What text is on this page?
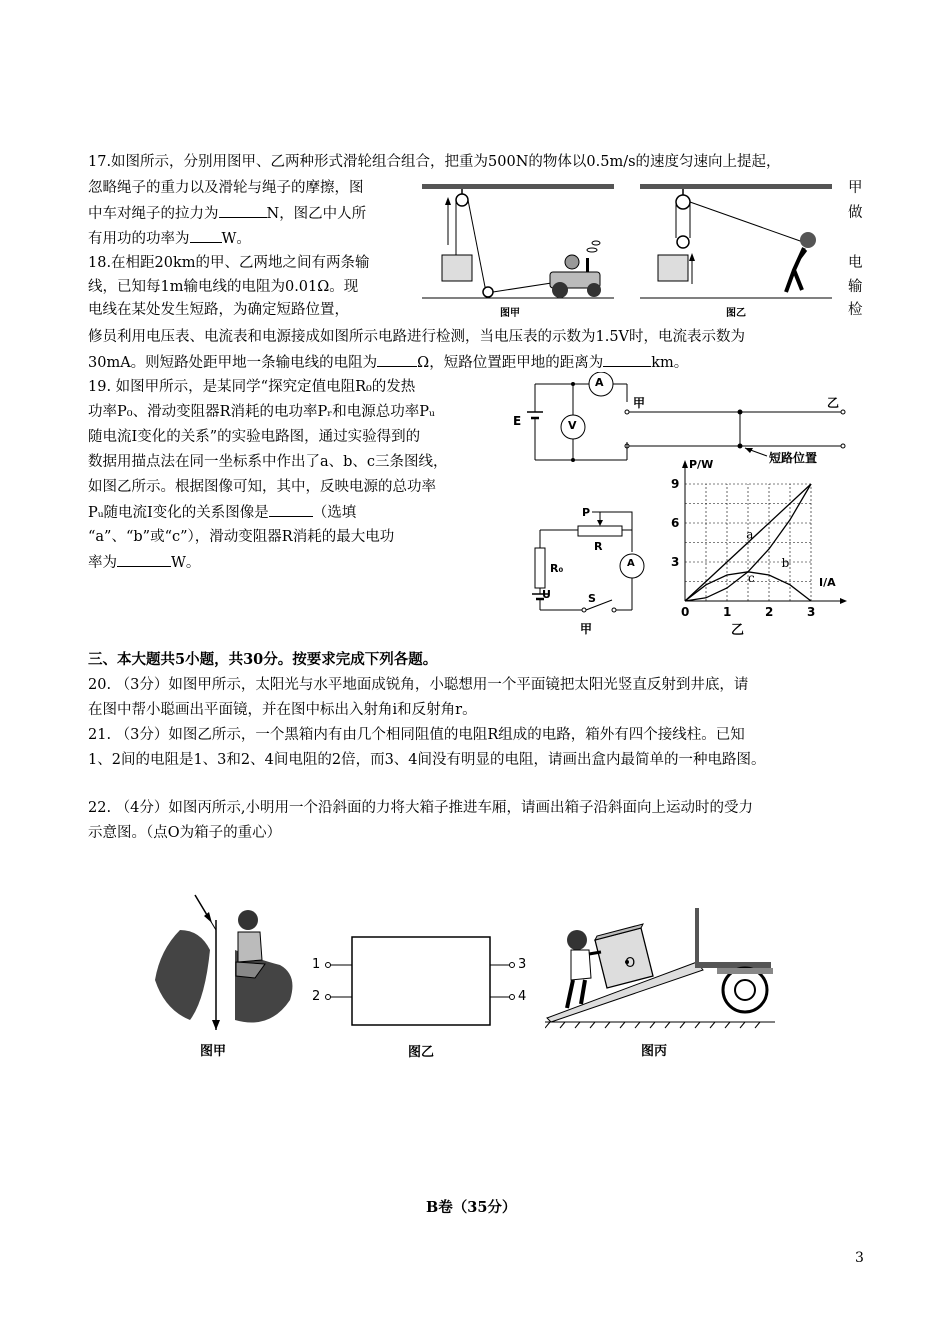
17.如图所示，分别用图甲、乙两种形式滑轮组合组合，把重为500N的物体以0.5m/s的速度匀速向上提起，
忽略绳子的重力以及滑轮与绳子的摩擦，图	甲
中车对绳子的拉力为	N，图乙中人所	做
有用功的功率为 W。
图甲	图乙
18.在相距20km的甲、乙两地之间有两条输	电
线，已知每1m输电线的电阻为0.01Ω。现	输
电线在某处发生短路，为确定短路位置，	检
修员利用电压表、电流表和电源接成如图所示电路进行检测，当电压表的示数为1.5V时，电流表示数为
30mA。则短路处距甲地一条输电线的电阻为	Ω，短路位置距甲地的距离为	km。
A
V
E
甲	乙
短路位置
19. 如图甲所示，是某同学“探究定值电阻R₀的发热
功率P₀、滑动变阻器R消耗的电功率Pᵣ和电源总功率Pᵤ
随电流I变化的关系”的实验电路图，通过实验得到的
数据用描点法在同一坐标系中作出了a、b、c三条图线，
如图乙所示。根据图像可知，其中，反映电源的总功率
Pᵤ随电流I变化的关系图像是	（选填
“a”、“b”或“c”），滑动变阻器R消耗的最大电功
率为	W。
P
R
R₀
U	S
A
甲
a
b
c
P/W
I/A
0	1	2	3
3
6
9
乙
三、本大题共5小题，共30分。按要求完成下列各题。
20. （3分）如图甲所示，太阳光与水平地面成锐角，小聪想用一个平面镜把太阳光竖直反射到井底，请
在图中帮小聪画出平面镜，并在图中标出入射角i和反射角r。
21. （3分）如图乙所示，一个黑箱内有由几个相同阻值的电阻R组成的电路，箱外有四个接线柱。已知
1、2间的电阻是1、3和2、4间电阻的2倍，而3、4间没有明显的电阻，请画出盒内最简单的一种电路图。
22. （4分）如图丙所示,小明用一个沿斜面的力将大箱子推进车厢，请画出箱子沿斜面向上运动时的受力
示意图。（点O为箱子的重心）
图甲
1
2
3
4
图乙
O
图丙
B卷（35分）
3
